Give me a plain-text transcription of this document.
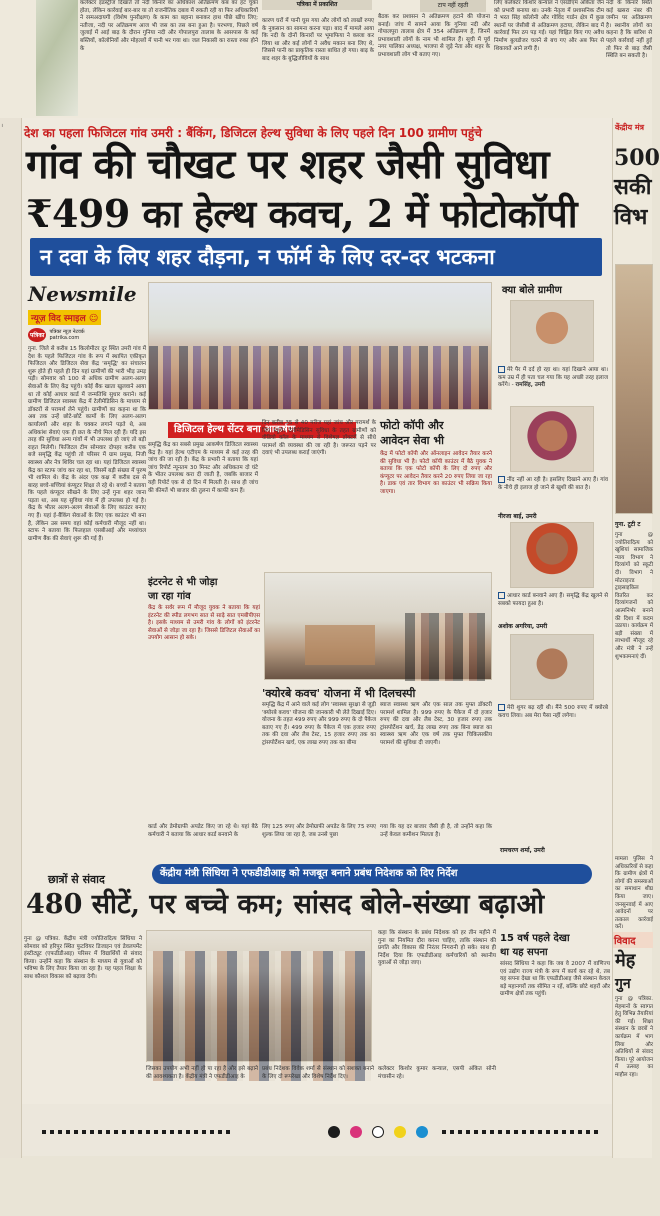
कलेक्टर इंडस्ट्रीज दिखाते तो नदी किनारे का अधिकांश अतिक्रमण कब का हट चुका होता, लेकिन कार्रवाई बार-बार या तो राजनीतिक दबाव में रुकती रही या फिर अधिकारियों ने रस्मअदायगी (विशेष पुनरीक्षण) के काम का बहाना बनाकर हाथ पीछे खींच लिए; नतीजा, नदी पर अतिक्रमण आज भी जस का तस बना हुआ है। परभणा, पिछले वर्ष जुलाई में आई बाढ़ के दौरान गुनिया नदी और गोपालपुरा तालाब के आसपास के कई बस्तियों, कॉलोनियों और मोहल्लों में पानी भर गया था। जल निकासी का रास्ता रुका होने के
पत्रिका में प्रकाशित
कारण घरों में पानी घुस गया और लोगों को लाखों रुपए के नुकसान का सामना करना पड़ा। बाद में मामले आया कि नदी के दोनों किनारों पर भूमाफिया ने कब्जा कर लिया था और कई लोगों ने अवैध मकान बना लिए थे, जिससे पानी का प्राकृतिक रास्ता बाधित हो गया। बाढ़ के बाद शहर के बुद्धिजीवियों के साथ
बैठक कर प्रशासन ने अतिक्रमण हटाने की योजना बनाई। जांच में सामने आया कि गुनिया नदी और गोपालपुरा तालाब क्षेत्र में 354 अतिक्रमण हैं, जिनमें प्रभावशाली लोगों के नाम भी शामिल हैं। सूची में पूर्व नगर पालिका अध्यक्ष, भाजपा से जुड़े नेता और शहर के प्रभावशाली लोग भी बताए गए।
टाप नहीं रहती	लिए कलेक्टर किशोर कन्याल ने एसडीएम अंकिता जैन को प्रभारी बनाया था। उनके नेतृत्व में प्रशासनिक टीम ने भरत सिंह कॉलोनी और गोविंद गार्डन क्षेत्र में कुछ स्थानों पर जेसीबी से अतिक्रमण हटाया, लेकिन बाद में कार्रवाई फिर ठप पड़ गई। यहां चिह्नित किए गए अवैध निर्माण बुलडोजर चलने से बच गए और अब फिर से शिकायतें आने लगी हैं।
नदी के किनारे स्थित कई खसरा नंबर की जमीन पर अतिक्रमण है। स्थानीय लोगों का कहना है कि बारिश से पहले कार्रवाई नहीं हुई तो फिर से बाढ़ जैसी स्थिति बन सकती है।
।	देश का पहला फिजिटल गांव उमरी : बैंकिंग, डिजिटल हेल्थ सुविधा के लिए पहले दिन 100 ग्रामीण पहुंचे
गांव की चौखट पर शहर जैसी सुविधा
₹499 का हेल्थ कवच, 2 में फोटोकॉपी
न दवा के लिए शहर दौड़ना, न फॉर्म के लिए दर-दर भटकना
केंद्रीय मंत्र
500
सकी
विभ
गुना. टूटी ट
गुना @ ज्योतिरादित्य को खुशियां सामाजिक न्याय विभाग ने दिव्यांगों को स्कूटी दी। विभाग ने मोटराइज्ड ट्राइसाइकिल वितरित कर दिव्यांगजनों को आत्मनिर्भर बनाने की दिशा में कदम उठाया। कार्यक्रम में बड़ी संख्या में लाभार्थी मौजूद रहे और मंत्री ने उन्हें शुभकामनाएं दीं।
मामला पुलिस ने अधिकारियों से कहा कि ग्रामीण क्षेत्रों में लोगों की समस्याओं का समाधान शीघ्र किया जाए। जनसुनवाई में आए आवेदनों पर तत्काल कार्रवाई करें।
विवाद
मेह
गुन
गुना @ पत्रिका. मेहमानों के स्वागत हेतु विभिन्न तैयारियां की गईं। शिक्षा संस्थान के छात्रों ने कार्यक्रम में भाग लिया और अतिथियों से संवाद किया। पूरे आयोजन में उत्साह का माहौल रहा।
Newsmile
न्यूज़ विद स्माइल ☺
पत्रिका	पत्रिका न्यूज़ नेटवर्क
patrika.com
गुना. जिले से करीब 15 किलोमीटर दूर स्थित उमरी गांव में देश के पहले फिजिटल गांव के रूप में स्थापित एकीकृत फिजिटल और डिजिटल सेवा केंद्र 'समृद्धि' का संचालन शुरू होते ही पहले ही दिन यहां ग्रामीणों की भारी भीड़ उमड़ पड़ी। सोमवार को 100 से अधिक ग्रामीण अलग-अलग सेवाओं के लिए केंद्र पहुंचे। कोई बैंक खाता खुलवाने आया था तो कोई आधार कार्ड में जन्मतिथि सुधार कराने। कई ग्रामीण डिजिटल स्वास्थ्य केंद्र में टेलीमेडिसिन के माध्यम से डॉक्टरों से परामर्श लेने पहुंचे। ग्रामीणों का कहना था कि अब तक उन्हें छोटे-छोटे कामों के लिए अलग-अलग कार्यालयों और शहर के चक्कर लगाने पड़ते थे, अब अधिकांश सेवाएं एक ही छत के नीचे मिल रही हैं। यदि इस तरह की सुविधा अन्य गांवों में भी उपलब्ध हो जाएं तो बड़ी राहत मिलेगी। फिजिटल टीम सोमवार दोपहर करीब एक बजे समृद्धि केंद्र पहुंची तो परिसर में ग्राम प्रमुख, निजी स्वास्थ्य और नेत्र शिविर चल रहा था। यहां डिजिटल स्वास्थ्य केंद्र का स्टाफ जांच कर रहा था, जिसमें बड़ी संख्या में पुरुष भी शामिल थे। केंद्र के अंदर एक कक्ष में करीब दस से बारह बच्चे-बच्चियां कंप्यूटर शिक्षा ले रहे थे। बच्चों ने बताया कि पहले कंप्यूटर सीखने के लिए उन्हें गुना शहर जाना पड़ता था, अब यह सुविधा गांव में ही उपलब्ध हो गई है। केंद्र के भीतर अलग-अलग सेवाओं के लिए काउंटर बनाए गए हैं। यहां ई-बैंकिंग सेवाओं के लिए एक काउंटर भी बना है, लेकिन उस समय वहां कोई कर्मचारी मौजूद नहीं था। स्टाफ ने बताया कि फिलहाल एसबीआई और मध्यांचल ग्रामीण बैंक की सेवाएं शुरू की गई हैं।
डिजिटल हेल्थ सेंटर बना आकर्षण
समृद्धि केंद्र का सबसे प्रमुख आकर्षण डिजिटल स्वास्थ्य केंद्र है। यहां हेल्थ एटीएम के माध्यम से कई तरह की जांच की जा रही है। केंद्र के प्रभारी ने बताया कि यहां जांच रिपोर्ट न्यूनतम 30 मिनट और अधिकतम दो घंटे के भीतर उपलब्ध करा दी जाती है, जबकि बाजार में यही रिपोर्ट एक से दो दिन में मिलती है। साथ ही जांच की कीमतें भी बाजार की तुलना में काफी कम हैं।
दिन करीब 35 से 40 मरीज यहां जांच और परामर्श के लिए पहुंचे। टेलीमेडिसिन सुविधा के तहत ग्रामीणों को वीडियो कॉल के माध्यम से विशेषज्ञ डॉक्टरों से सीधे परामर्श की व्यवस्था की जा रही है। जरूरत पड़ने पर दवाएं भी उपलब्ध कराई जाएंगी।
फोटो कॉपी और
आवेदन सेवा भी
केंद्र में फोटो कॉपी और ऑनलाइन आवेदन तैयार करने की सुविधा भी है। फोटो कॉपी काउंटर में बैठे युवक ने बताया कि एक फोटो कॉपी के लिए दो रुपए और कंप्यूटर पर आवेदन तैयार करने 20 रुपए लिया जा रहा है। डाक एवं तार विभाग का काउंटर भी सक्रिय किया जाएगा।
इंटरनेट से भी जोड़ा
जा रहा गांव
केंद्र के सर्वर रूम में मौजूद युवक ने बताया कि यहां इंटरनेट की स्पीड लगभग सात से साढ़े सात एमबीपीएस है। इसके माध्यम से उमरी गांव के लोगों को इंटरनेट सेवाओं से जोड़ा जा रहा है। जिससे डिजिटल सेवाओं का उपयोग आसान हो सके।
'क्योरबे कवच' योजना में भी दिलचस्पी
समृद्धि केंद्र में आने वाले कई लोग 'स्वास्थ्य सुरक्षा से जुड़ी 'क्योरबे कवच' योजना की जानकारी भी लेते दिखाई दिए। योजना के तहत 499 रुपए और 999 रुपए के दो पैकेज बताए गए हैं। 499 रुपए के पैकेज में एक हजार रुपए तक की दवा और लैब टेस्ट, 15 हजार रुपए तक का ट्रांसपोर्टेशन खर्च, एक लाख रुपए तक का बीमा
ब्याज स्वास्थ्य ऋण और एक साल तक मुफ्त डॉक्टरी परामर्श शामिल है। 999 रुपए के पैकेज में दो हजार रुपए की दवा और लैब टेस्ट, 30 हजार रुपए तक ट्रांसपोर्टेशन खर्च, डेढ़ लाख रुपए तक बिना ब्याज का स्वास्थ्य ऋण और एक वर्ष तक मुफ्त चिकित्सकीय परामर्श की सुविधा दी जाएगी।
कार्ड और डेमोग्राफी अपडेट किए जा रहे थे। यहां बैठे कर्मचारी ने बताया कि आधार कार्ड बनवाने के
लिए 125 रुपए और डेमोग्राफी अपडेट के लिए 75 रुपए शुल्क लिया जा रहा है, जब उनसे पूछा
गया कि यह दर बाजार जैसी ही है, तो उन्होंने कहा कि उन्हें केवल कमीशन मिलता है।
क्या बोले ग्रामीण
मेरे पैर में दर्द हो रहा था। यहां दिखाने आया था। कम उम्र में ही पता चल गया कि यह अच्छी तरह इलाज करेंगे। - रामसिंह, उमरी
नींद नहीं आ रही है। इसलिए दिखाने आए हैं। गांव के नीचे ही इलाज हो जाने से खुशी की बात है।
नीरजा बाई, उमरी
आधार कार्ड बनवाने आए हैं। समृद्धि केंद्र खुलने से सबको फायदा हुआ है।
अशोक अगरिया, उमरी
मेरी शुगर बढ़ रही थी। मैंने 500 रुपए में क्योरबे कवच लिया। अब मेरा पैसा नहीं लगेगा।
रामचरण शर्मा, उमरी
केंद्रीय मंत्री सिंधिया ने एफडीडीआइ को मजबूत बनाने प्रबंध निदेशक को दिए निर्देश
छात्रों से संवाद
480 सीटें, पर बच्चे कम; सांसद बोले-संख्या बढ़ाओ
गुना @ पत्रिका. केंद्रीय मंत्री ज्योतिरादित्य सिंधिया ने सोमवार को हरिपुर स्थित फुटवियर डिजाइन एवं डेवलपमेंट इंस्टीट्यूट (एफडीडीआइ) परिसर में विद्यार्थियों से संवाद किया। उन्होंने कहा कि संस्थान के माध्यम से युवाओं को भविष्य के लिए तैयार किया जा रहा है। यह पहल शिक्षा के साथ कौशल विकास को बढ़ावा देगी।
कहा कि संस्थान के प्रबंध निदेशक को हर तीन महीने में गुना का नियमित दौरा करना चाहिए, ताकि संस्थान की प्रगति और विकास की निरंतर निगरानी हो सके। साथ ही निर्देश दिया कि एफडीडीआइ कर्मचारियों को स्थानीय युवाओं से जोड़ा जाए।
15 वर्ष पहले देखा
था यह सपना
सांसद सिंधिया ने कहा कि जब वे 2007 में वाणिज्य एवं उद्योग राज्य मंत्री के रूप में कार्य कर रहे थे, तब यह सपना देखा था कि एफडीडीआइ जैसे संस्थान केवल बड़े महानगरों तक सीमित न रहें, बल्कि छोटे शहरों और ग्रामीण क्षेत्रों तक पहुंचें।
जिसका उपयोग अभी नहीं हो पा रहा है और इसे बढ़ाने की आवश्यकता है। केंद्रीय मंत्री ने एफडीडीआइ के
प्रबंध निदेशक विवेक शर्मा से संस्थान को सशक्त बनाने के लिए दो रूपरेखा और विशेष निर्देश दिए।
कलेक्टर किशोर कुमार कन्याल, एसपी अंकित सोनी मंचासीन रहे।
